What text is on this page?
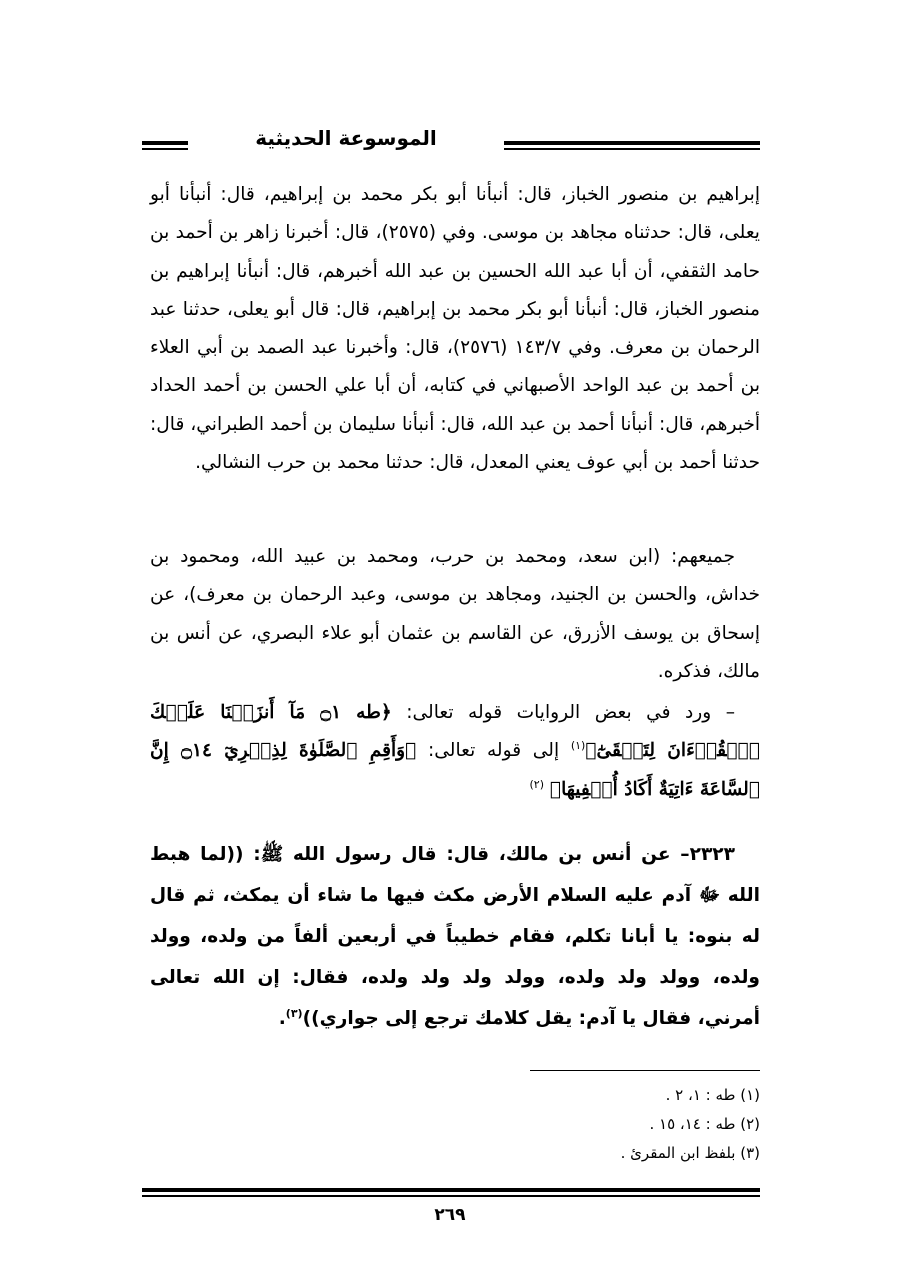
الموسوعة الحديثية

إبراهيم بن منصور الخباز، قال: أنبأنا أبو بكر محمد بن إبراهيم، قال: أنبأنا أبو يعلى، قال: حدثناه مجاهد بن موسى. وفي (٢٥٧٥)، قال: أخبرنا زاهر بن أحمد بن حامد الثقفي، أن أبا عبد الله الحسين بن عبد الله أخبرهم، قال: أنبأنا إبراهيم بن منصور الخباز، قال: أنبأنا أبو بكر محمد بن إبراهيم، قال: قال أبو يعلى، حدثنا عبد الرحمان بن معرف. وفي ١٤٣/٧ (٢٥٧٦)، قال: وأخبرنا عبد الصمد بن أبي العلاء بن أحمد بن عبد الواحد الأصبهاني في كتابه، أن أبا علي الحسن بن أحمد الحداد أخبرهم، قال: أنبأنا أحمد بن عبد الله، قال: أنبأنا سليمان بن أحمد الطبراني، قال: حدثنا أحمد بن أبي عوف يعني المعدل، قال: حدثنا محمد بن حرب النشالي.

جميعهم: (ابن سعد، ومحمد بن حرب، ومحمد بن عبيد الله، ومحمود بن خداش، والحسن بن الجنيد، ومجاهد بن موسى، وعبد الرحمان بن معرف)، عن إسحاق بن يوسف الأزرق، عن القاسم بن عثمان أبو علاء البصري، عن أنس بن مالك، فذكره.

– ورد في بعض الروايات قوله تعالى: ﴿طه ۝١ مَآ أَنزَلۡنَا عَلَيۡكَ ٱلۡقُرۡءَانَ لِتَشۡقَىٰٓ﴾$^{(١)}$ إلى قوله تعالى: ﴿وَأَقِمِ ٱلصَّلَوٰةَ لِذِكۡرِيٓ ۝١٤ إِنَّ ٱلسَّاعَةَ ءَاتِيَةٌ أَكَادُ أُخۡفِيهَا﴾ $^{(٢)}$

٢٣٢٣– عن أنس بن مالك، قال: قال رسول الله ﷺ: ((لما هبط الله ﷻ آدم عليه السلام الأرض مكث فيها ما شاء أن يمكث، ثم قال له بنوه: يا أبانا تكلم، فقام خطيباً في أربعين ألفاً من ولده، وولد ولده، وولد ولد ولده، وولد ولد ولد ولده، فقال: إن الله تعالى أمرني، فقال يا آدم: يقل كلامك ترجع إلى جواري))$^{(٣)}$.

(١) طه : ١، ٢ .

(٢) طه : ١٤، ١٥ .

(٣) بلفظ ابن المقرئ .

٢٦٩
